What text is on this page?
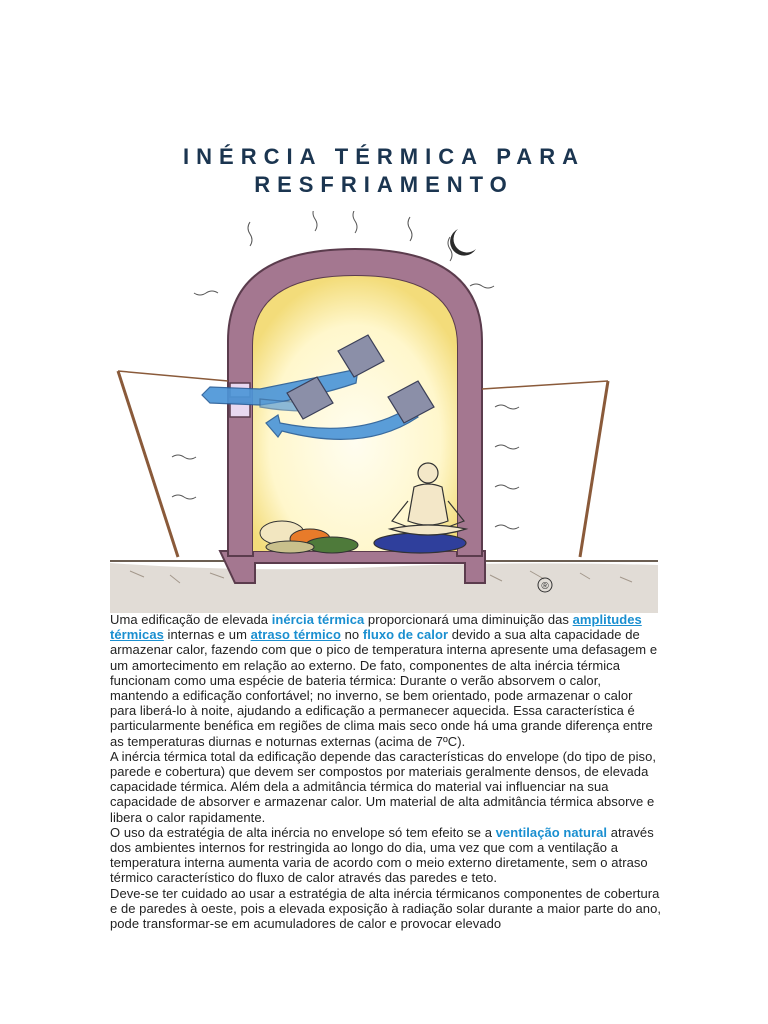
INÉRCIA TÉRMICA PARA
RESFRIAMENTO
®

Uma edificação de elevada inércia térmica proporcionará uma diminuição das amplitudes térmicas internas e um atraso térmico no fluxo de calor devido a sua alta capacidade de armazenar calor, fazendo com que o pico de temperatura interna apresente uma defasagem e um amortecimento em relação ao externo. De fato, componentes de alta inércia térmica funcionam como uma espécie de bateria térmica: Durante o verão absorvem o calor, mantendo a edificação confortável; no inverno, se bem orientado, pode armazenar o calor para liberá-lo à noite, ajudando a edificação a permanecer aquecida. Essa característica é particularmente benéfica em regiões de clima mais seco onde há uma grande diferença entre as temperaturas diurnas e noturnas externas (acima de 7ºC).

A inércia térmica total da edificação depende das características do envelope (do tipo de piso, parede e cobertura) que devem ser compostos por materiais geralmente densos, de elevada capacidade térmica. Além dela a admitância térmica do material vai influenciar na sua capacidade de absorver e armazenar calor. Um material de alta admitância térmica absorve e libera o calor rapidamente.

O uso da estratégia de alta inércia no envelope só tem efeito se a ventilação natural através dos ambientes internos for restringida ao longo do dia, uma vez que com a ventilação a temperatura interna aumenta varia de acordo com o meio externo diretamente, sem o atraso térmico característico do fluxo de calor através das paredes e teto.

Deve-se ter cuidado ao usar a estratégia de alta inércia térmicanos componentes de cobertura e de paredes à oeste, pois a elevada exposição à radiação solar durante a maior parte do ano, pode transformar-se em acumuladores de calor e provocar elevado
